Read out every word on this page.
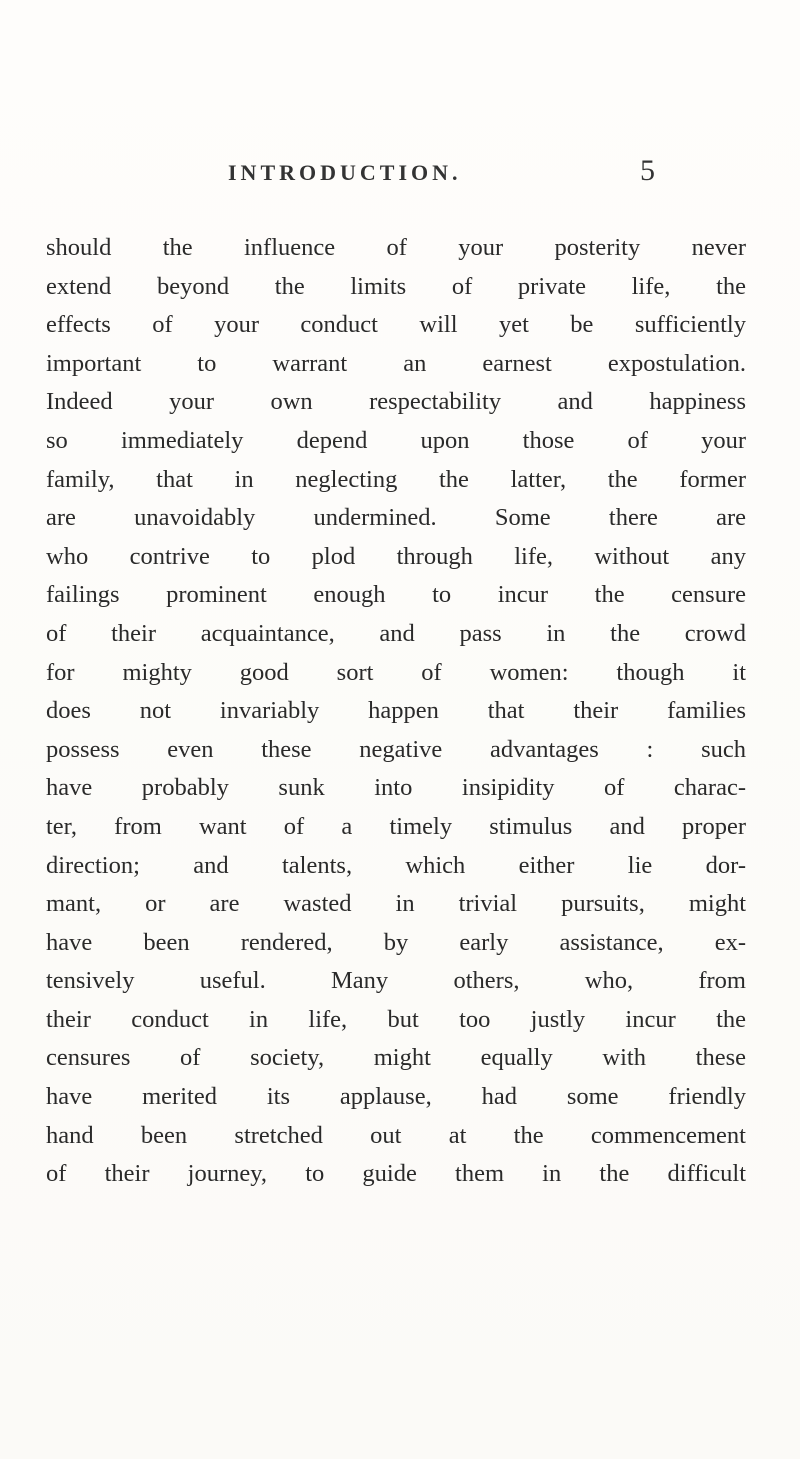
INTRODUCTION.	5
should the influence of your posterity never
extend beyond the limits of private life, the
effects of your conduct will yet be sufficiently
important to warrant an earnest expostulation.
Indeed your own respectability and happiness
so immediately depend upon those of your
family, that in neglecting the latter, the former
are unavoidably undermined. Some there are
who contrive to plod through life, without any
failings prominent enough to incur the censure
of their acquaintance, and pass in the crowd
for mighty good sort of women: though it
does not invariably happen that their families
possess even these negative advantages : such
have probably sunk into insipidity of charac-
ter, from want of a timely stimulus and proper
direction; and talents, which either lie dor-
mant, or are wasted in trivial pursuits, might
have been rendered, by early assistance, ex-
tensively useful. Many others, who, from
their conduct in life, but too justly incur the
censures of society, might equally with these
have merited its applause, had some friendly
hand been stretched out at the commencement
of their journey, to guide them in the difficult
